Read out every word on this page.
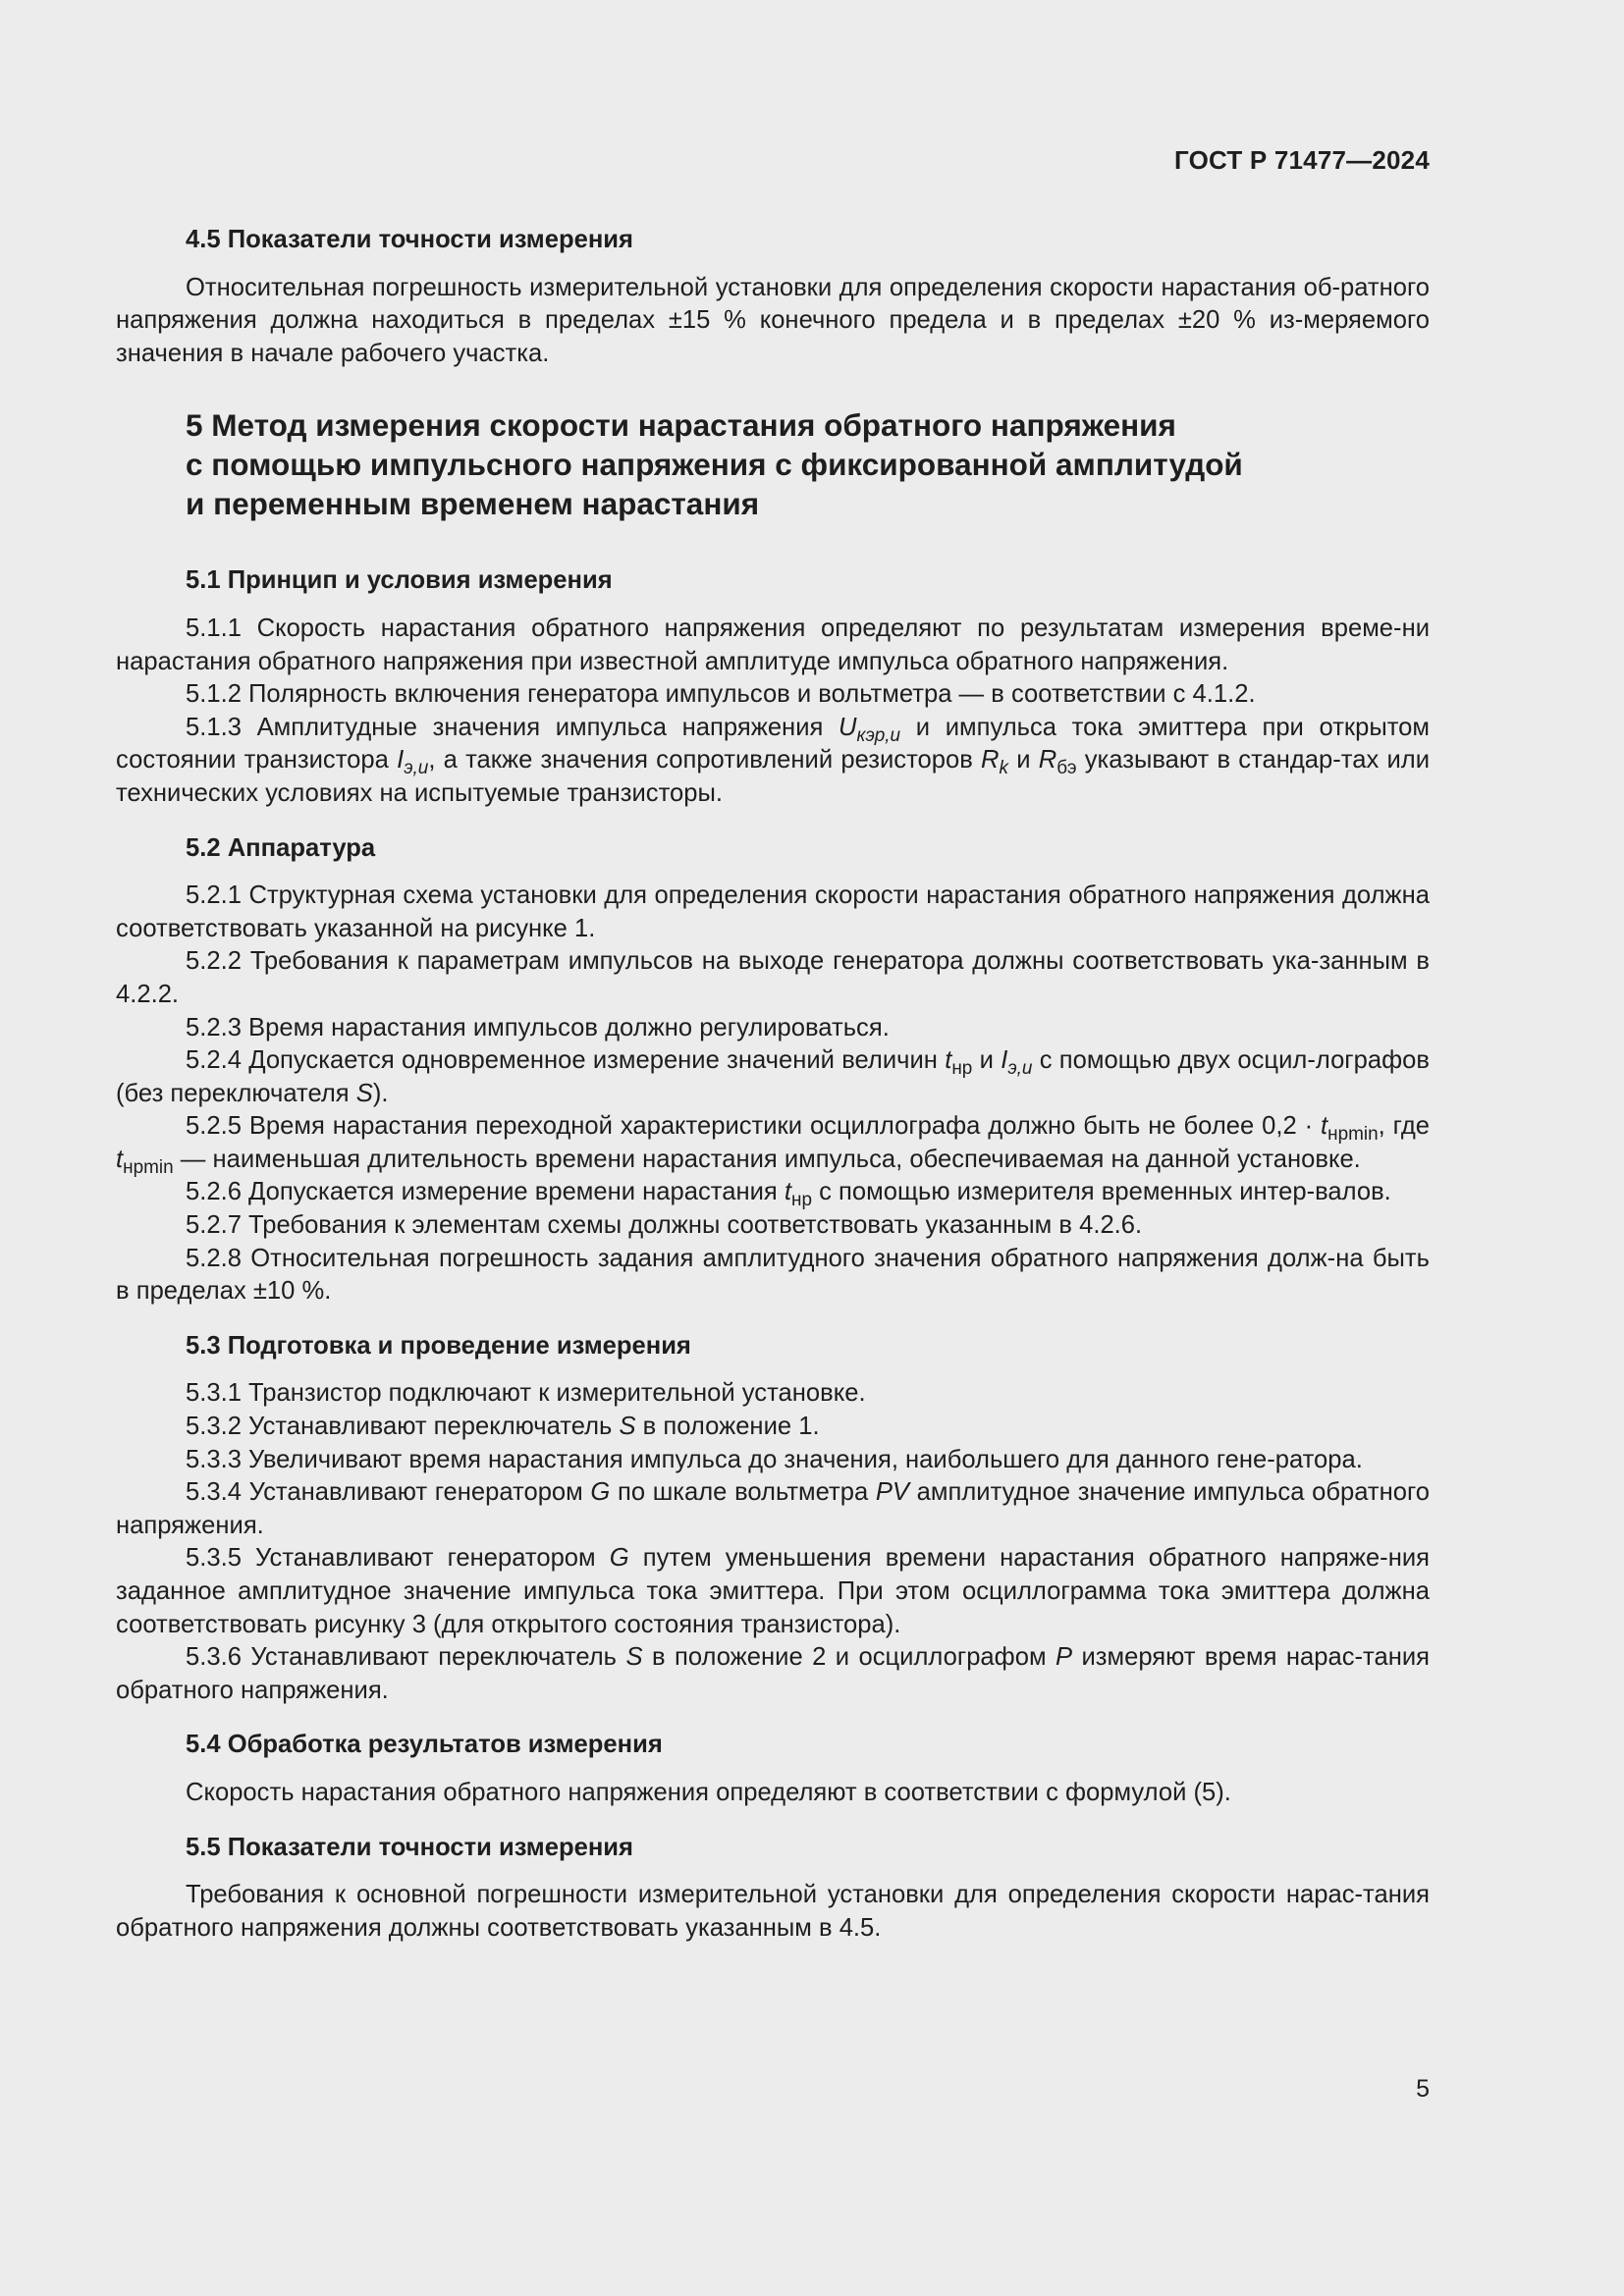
ГОСТ Р 71477—2024

4.5 Показатели точности измерения

Относительная погрешность измерительной установки для определения скорости нарастания об-ратного напряжения должна находиться в пределах ±15 % конечного предела и в пределах ±20 % из-меряемого значения в начале рабочего участка.

5 Метод измерения скорости нарастания обратного напряжения

с помощью импульсного напряжения с фиксированной амплитудой

и переменным временем нарастания

5.1 Принцип и условия измерения

5.1.1 Скорость нарастания обратного напряжения определяют по результатам измерения време-ни нарастания обратного напряжения при известной амплитуде импульса обратного напряжения.

5.1.2 Полярность включения генератора импульсов и вольтметра — в соответствии с 4.1.2.

5.1.3 Амплитудные значения импульса напряжения $U_{кэр,и}$ и импульса тока эмиттера при открытом состоянии транзистора $I_{э,и}$, а также значения сопротивлений резисторов $R_k$ и $R_{бэ}$ указывают в стандар-тах или технических условиях на испытуемые транзисторы.

5.2 Аппаратура

5.2.1 Структурная схема установки для определения скорости нарастания обратного напряжения должна соответствовать указанной на рисунке 1.

5.2.2 Требования к параметрам импульсов на выходе генератора должны соответствовать ука-занным в 4.2.2.

5.2.3 Время нарастания импульсов должно регулироваться.

5.2.4 Допускается одновременное измерение значений величин $t_{нр}$ и $I_{э,и}$ с помощью двух осцил-лографов (без переключателя S).

5.2.5 Время нарастания переходной характеристики осциллографа должно быть не более $0,2 \cdot t_{нрmin}$, где $t_{нрmin}$ — наименьшая длительность времени нарастания импульса, обеспечиваемая на данной установке.

5.2.6 Допускается измерение времени нарастания $t_{нр}$ с помощью измерителя временных интер-валов.

5.2.7 Требования к элементам схемы должны соответствовать указанным в 4.2.6.

5.2.8 Относительная погрешность задания амплитудного значения обратного напряжения долж-на быть в пределах ±10 %.

5.3 Подготовка и проведение измерения

5.3.1 Транзистор подключают к измерительной установке.

5.3.2 Устанавливают переключатель S в положение 1.

5.3.3 Увеличивают время нарастания импульса до значения, наибольшего для данного гене-ратора.

5.3.4 Устанавливают генератором G по шкале вольтметра PV амплитудное значение импульса обратного напряжения.

5.3.5 Устанавливают генератором G путем уменьшения времени нарастания обратного напряже-ния заданное амплитудное значение импульса тока эмиттера. При этом осциллограмма тока эмиттера должна соответствовать рисунку 3 (для открытого состояния транзистора).

5.3.6 Устанавливают переключатель S в положение 2 и осциллографом P измеряют время нарас-тания обратного напряжения.

5.4 Обработка результатов измерения

Скорость нарастания обратного напряжения определяют в соответствии с формулой (5).

5.5 Показатели точности измерения

Требования к основной погрешности измерительной установки для определения скорости нарас-тания обратного напряжения должны соответствовать указанным в 4.5.

5
